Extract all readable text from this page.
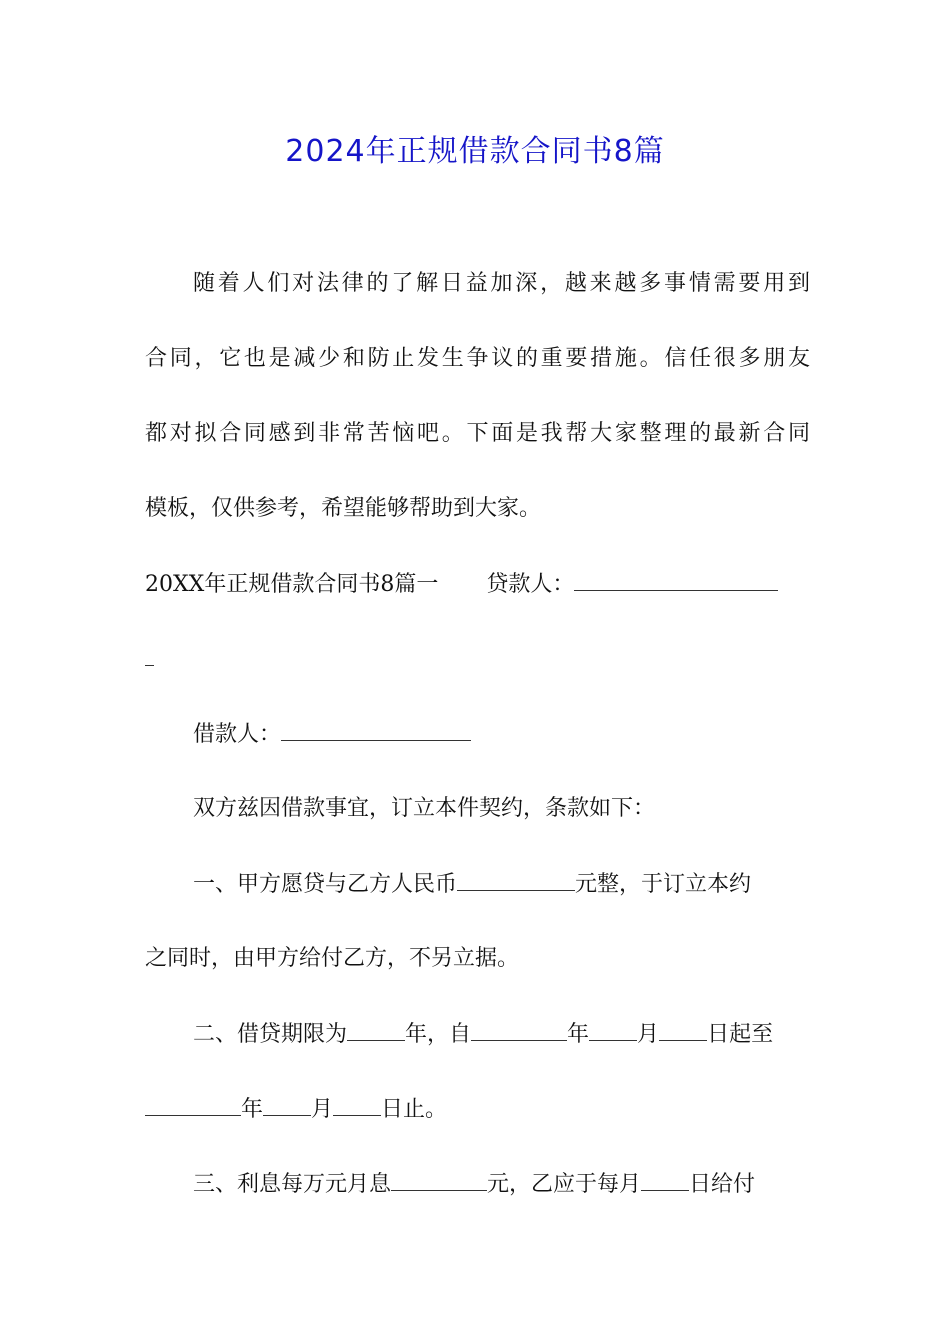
2024年正规借款合同书8篇
随着人们对法律的了解日益加深，越来越多事情需要用到
合同，它也是减少和防止发生争议的重要措施。信任很多朋友
都对拟合同感到非常苦恼吧。下面是我帮大家整理的最新合同
模板，仅供参考，希望能够帮助到大家。
20XX年正规借款合同书8篇一 贷款人：
借款人：
双方兹因借款事宜，订立本件契约，条款如下：
一、甲方愿贷与乙方人民币	元整，于订立本约
之同时，由甲方给付乙方，不另立据。
二、借贷期限为	年，自	年 月 日起至
年 月 日止。
三、利息每万元月息	元，乙应于每月 日给付
